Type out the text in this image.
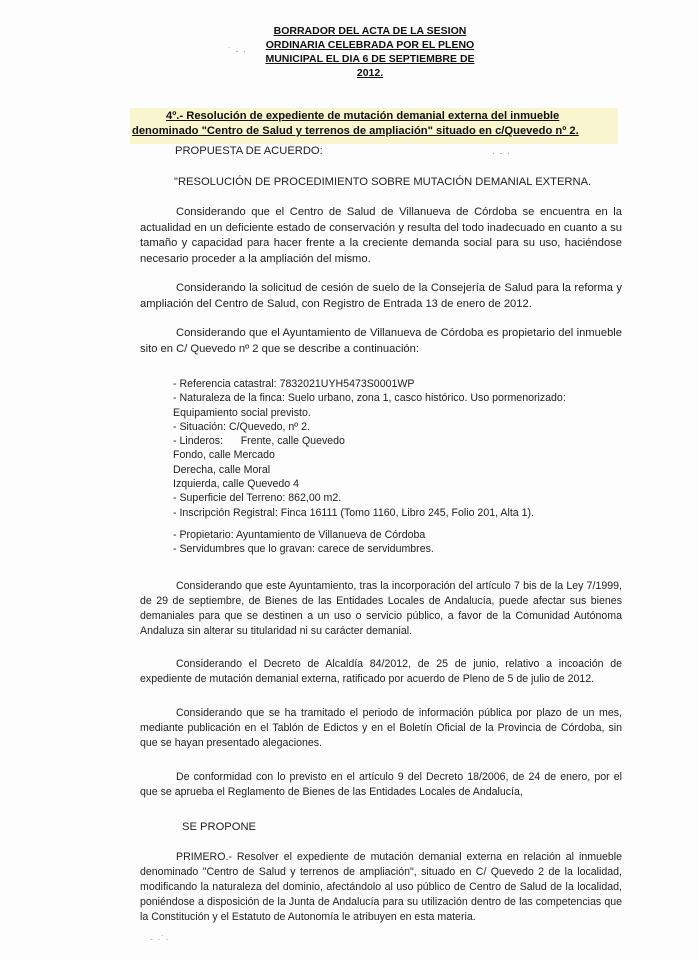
BORRADOR DEL ACTA DE LA SESION
ORDINARIA CELEBRADA POR EL PLENO
MUNICIPAL EL DIA 6 DE SEPTIEMBRE DE
2012.
˙ ‑ ·
4º.- Resolución de expediente de mutación demanial externa del inmueble
denominado "Centro de Salud y terrenos de ampliación" situado en c/Quevedo nº 2.
PROPUESTA DE ACUERDO:	· ‑ ·
"RESOLUCIÓN DE PROCEDIMIENTO SOBRE MUTACIÓN DEMANIAL EXTERNA.
Considerando que el Centro de Salud de Villanueva de Córdoba se encuentra en la actualidad en un deficiente estado de conservación y resulta del todo inadecuado en cuanto a su tamaño y capacidad para hacer frente a la creciente demanda social para su uso, haciéndose necesario proceder a la ampliación del mismo.
Considerando la solicitud de cesión de suelo de la Consejería de Salud para la reforma y ampliación del Centro de Salud, con Registro de Entrada 13 de enero de 2012.
Considerando que el Ayuntamiento de Villanueva de Córdoba es propietario del inmueble sito en C/ Quevedo nº 2 que se describe a continuación:
- Referencia catastral: 7832021UYH5473S0001WP
- Naturaleza de la finca: Suelo urbano, zona 1, casco histórico. Uso pormenorizado:
Equipamiento social previsto.
- Situación: C/Quevedo, nº 2.
- Linderos:      Frente, calle Quevedo
Fondo, calle Mercado
Derecha, calle Moral
Izquierda, calle Quevedo 4
- Superficie del Terreno: 862,00 m2.
- Inscripción Registral: Finca 16111 (Tomo 1160, Libro 245, Folio 201, Alta 1).
- Propietario: Ayuntamiento de Villanueva de Córdoba
- Servidumbres que lo gravan: carece de servidumbres.
Considerando que este Ayuntamiento, tras la incorporación del artículo 7 bis de la Ley 7/1999, de 29 de septiembre, de Bienes de las Entidades Locales de Andalucía, puede afectar sus bienes demaniales para que se destinen a un uso o servicio público, a favor de la Comunidad Autónoma Andaluza sin alterar su titularidad ni su carácter demanial.
Considerando el Decreto de Alcaldía 84/2012, de 25 de junio, relativo a incoación de expediente de mutación demanial externa, ratificado por acuerdo de Pleno de 5 de julio de 2012.
Considerando que se ha tramitado el periodo de información pública por plazo de un mes, mediante publicación en el Tablón de Edictos y en el Boletín Oficial de la Provincia de Córdoba, sin que se hayan presentado alegaciones.
De conformidad con lo previsto en el artículo 9 del Decreto 18/2006, de 24 de enero, por el que se aprueba el Reglamento de Bienes de las Entidades Locales de Andalucía,
SE PROPONE
PRIMERO.- Resolver el expediente de mutación demanial externa en relación al inmueble denominado "Centro de Salud y terrenos de ampliación", situado en C/ Quevedo 2 de la localidad, modificando la naturaleza del dominio, afectándolo al uso público de Centro de Salud de la localidad, poniéndose a disposición de la Junta de Andalucía para su utilización dentro de las competencias que la Constitución y el Estatuto de Autonomía le atribuyen en esta materia.
‑ ·˙·
